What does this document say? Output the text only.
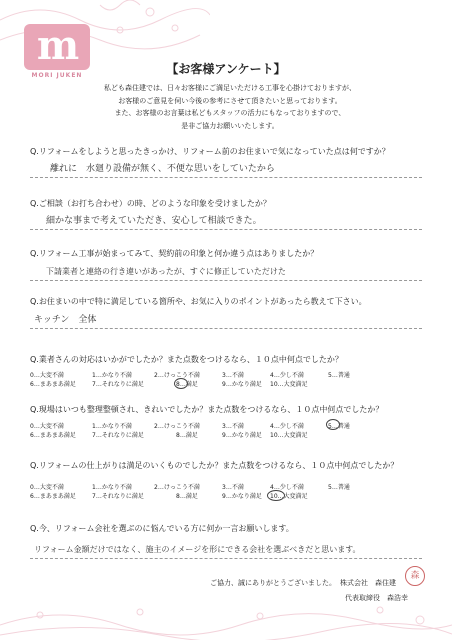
m
MORI JUKEN	【お客様アンケート】
私ども森住建では、日々お客様にご満足いただける工事を心掛けておりますが、
お客様のご意見を伺い今後の参考にさせて頂きたいと思っております。
また、お客様のお言葉は私どもスタッフの活力にもなっておりますので、
是非ご協力お願いいたします。
Q.リフォームをしようと思ったきっかけ、リフォーム前のお住まいで気になっていた点は何ですか？
離れに　水廻り設備が無く、不便な思いをしていたから
Q.ご相談（お打ち合わせ）の時、どのような印象を受けましたか？
細かな事まで考えていただき、安心して相談できた。
Q.リフォーム工事が始まってみて、契約前の印象と何か違う点はありましたか？
下請業者と連絡の行き違いがあったが、すぐに修正していただけた
Q.お住まいの中で特に満足している箇所や、お気に入りのポイントがあったら教えて下さい。
キッチン　全体
Q.業者さんの対応はいかがでしたか？また点数をつけるなら、１０点中何点でしたか？
0…大変不満	1…かなり不満	2…けっこう不満	3…不満	4…少し不満	5…普通
6…まあまあ満足	7…それなりに満足	8…満足	9…かなり満足 10…大変満足
Q.現場はいつも整理整頓され、きれいでしたか？また点数をつけるなら、１０点中何点でしたか？
0…大変不満	1…かなり不満	2…けっこう不満	3…不満	4…少し不満	5…普通
6…まあまあ満足	7…それなりに満足	8…満足	9…かなり満足 10…大変満足
Q.リフォームの仕上がりは満足のいくものでしたか？また点数をつけるなら、１０点中何点でしたか？
0…大変不満	1…かなり不満	2…けっこう不満	3…不満	4…少し不満	5…普通
6…まあまあ満足	7…それなりに満足	8…満足	9…かなり満足 10…大変満足
Q.今、リフォーム会社を選ぶのに悩んでいる方に何か一言お願いします。
リフォーム金額だけではなく、施主のイメージを形にできる会社を選ぶべきだと思います。
ご協力、誠にありがとうございました。 株式会社　森住建
代表取締役　森浩幸
森
